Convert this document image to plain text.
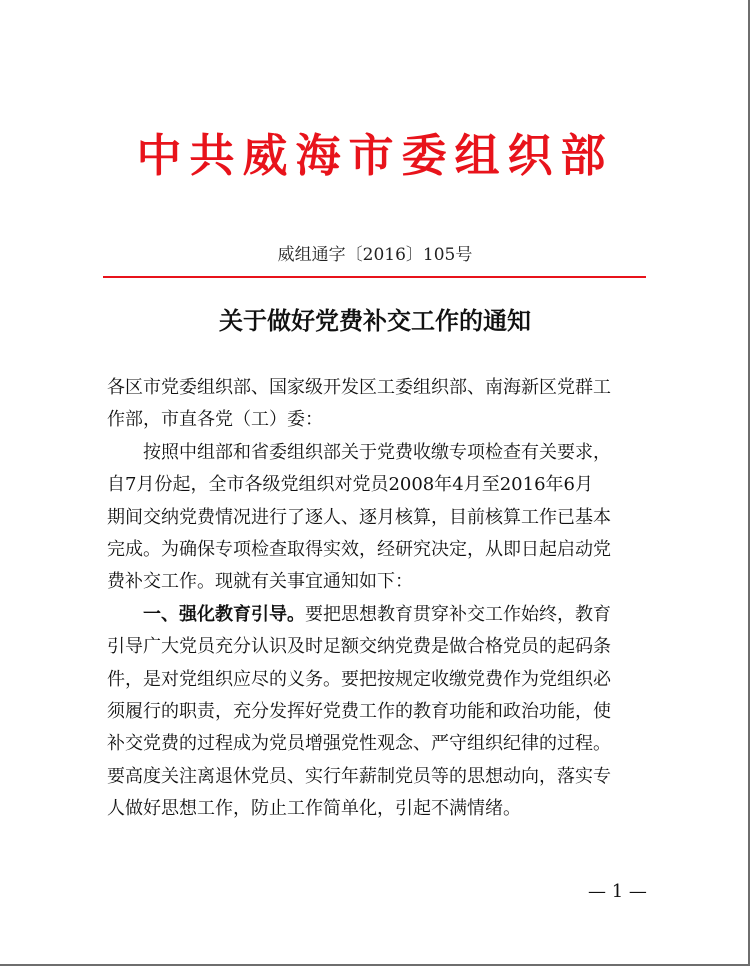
中共威海市委组织部
威组通字〔2016〕105号
关于做好党费补交工作的通知
各区市党委组织部、国家级开发区工委组织部、南海新区党群工
作部，市直各党（工）委：
按照中组部和省委组织部关于党费收缴专项检查有关要求，
自7月份起，全市各级党组织对党员2008年4月至2016年6月
期间交纳党费情况进行了逐人、逐月核算，目前核算工作已基本
完成。为确保专项检查取得实效，经研究决定，从即日起启动党
费补交工作。现就有关事宜通知如下：
一、强化教育引导。要把思想教育贯穿补交工作始终，教育
引导广大党员充分认识及时足额交纳党费是做合格党员的起码条
件，是对党组织应尽的义务。要把按规定收缴党费作为党组织必
须履行的职责，充分发挥好党费工作的教育功能和政治功能，使
补交党费的过程成为党员增强党性观念、严守组织纪律的过程。
要高度关注离退休党员、实行年薪制党员等的思想动向，落实专
人做好思想工作，防止工作简单化，引起不满情绪。
— 1 —
